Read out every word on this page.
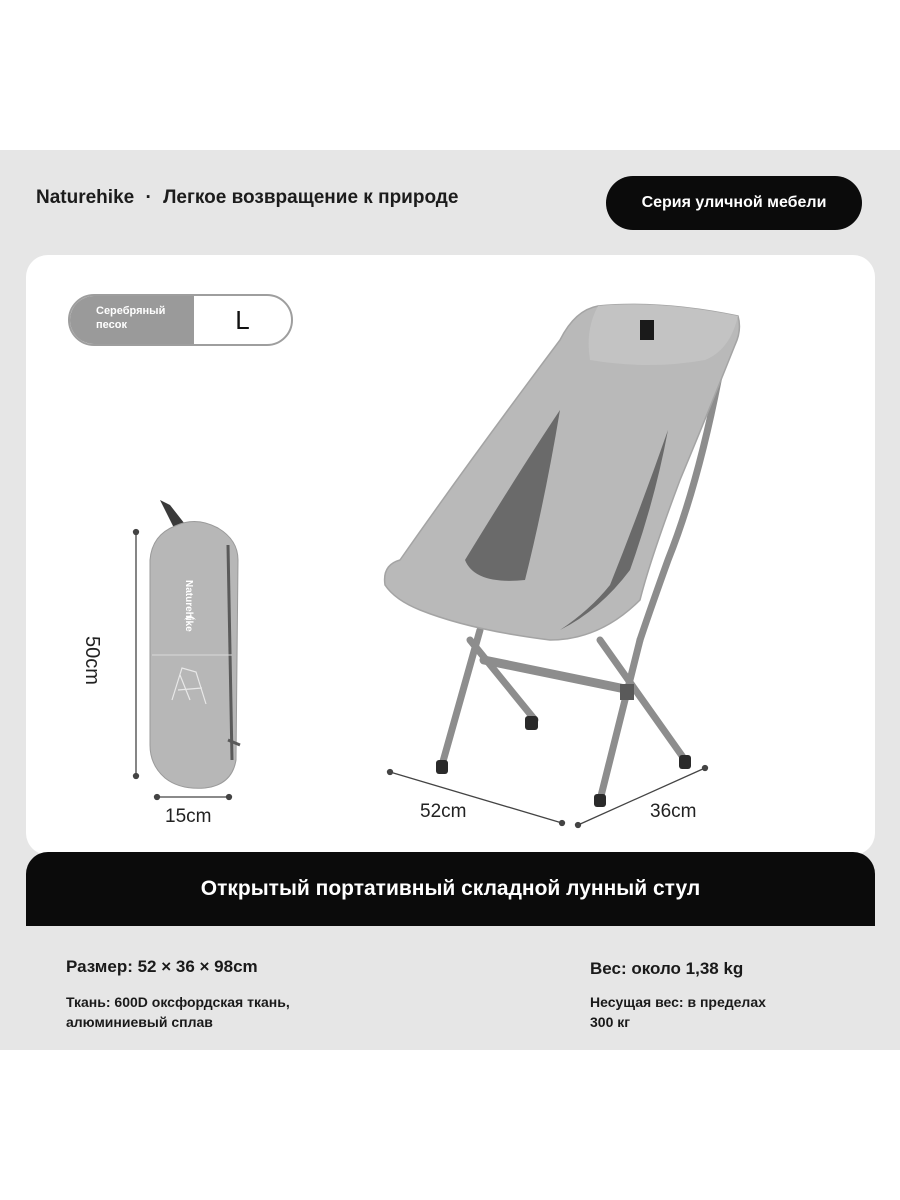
Naturehike · Легкое возвращение к природе	Серия уличной мебели
Серебряный
песок	L
Naturehike
50cm
15cm	52cm	36cm
Открытый портативный складной лунный стул
Размер: 52 × 36 × 98cm
Ткань: 600D оксфордская ткань,
алюминиевый сплав
Вес: около 1,38 kg
Несущая вес: в пределах
300 кг
